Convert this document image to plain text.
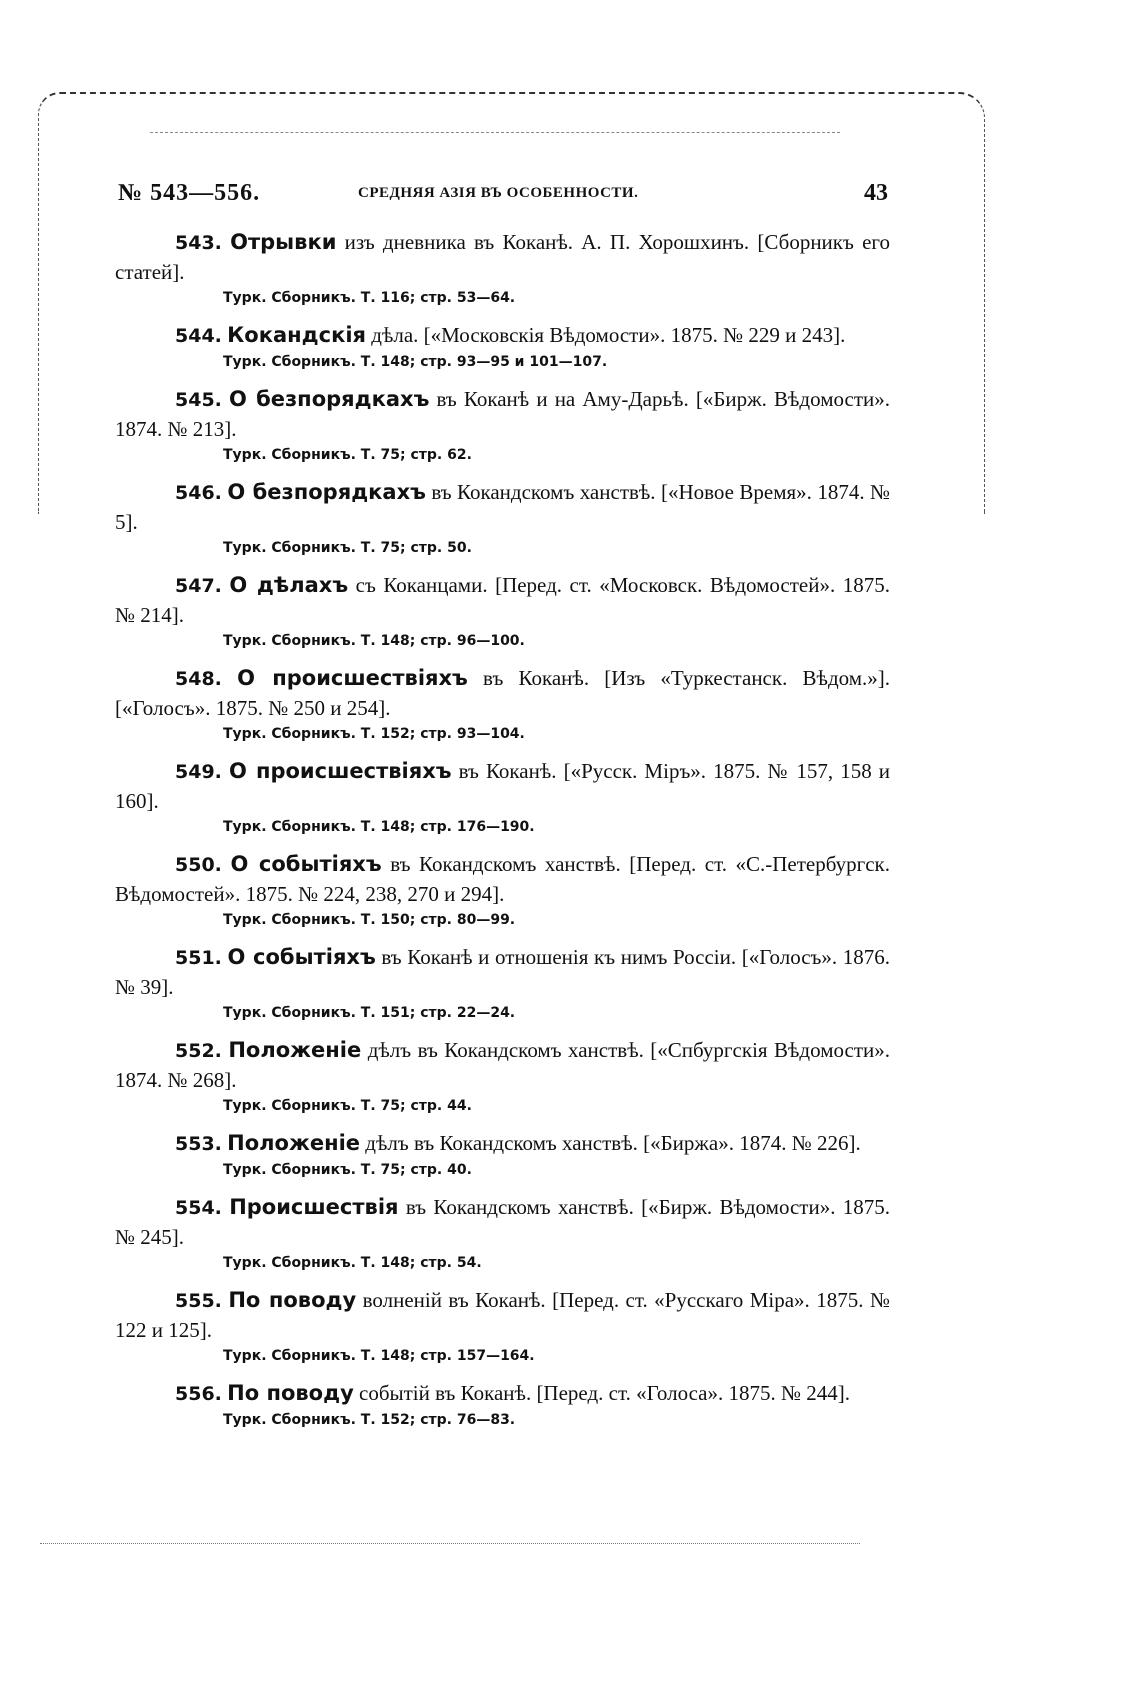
№ 543—556.	СРЕДНЯЯ АЗІЯ ВЪ ОСОБЕННОСТИ.	43
543. Отрывки изъ дневника въ Коканѣ. А. П. Хорошхинъ. [Сборникъ его статей].
Турк. Сборникъ. Т. 116; стр. 53—64.
544. Кокандскія дѣла. [«Московскія Вѣдомости». 1875. № 229 и 243].
Турк. Сборникъ. Т. 148; стр. 93—95 и 101—107.
545. О безпорядкахъ въ Коканѣ и на Аму-Дарьѣ. [«Бирж. Вѣдомости». 1874. № 213].
Турк. Сборникъ. Т. 75; стр. 62.
546. О безпорядкахъ въ Кокандскомъ ханствѣ. [«Новое Время». 1874. № 5].
Турк. Сборникъ. Т. 75; стр. 50.
547. О дѣлахъ съ Коканцами. [Перед. ст. «Московск. Вѣдомостей». 1875. № 214].
Турк. Сборникъ. Т. 148; стр. 96—100.
548. О происшествіяхъ въ Коканѣ. [Изъ «Туркестанск. Вѣдом.»]. [«Голосъ». 1875. № 250 и 254].
Турк. Сборникъ. Т. 152; стр. 93—104.
549. О происшествіяхъ въ Коканѣ. [«Русск. Міръ». 1875. № 157, 158 и 160].
Турк. Сборникъ. Т. 148; стр. 176—190.
550. О событіяхъ въ Кокандскомъ ханствѣ. [Перед. ст. «С.-Петербургск. Вѣдомостей». 1875. № 224, 238, 270 и 294].
Турк. Сборникъ. Т. 150; стр. 80—99.
551. О событіяхъ въ Коканѣ и отношенія къ нимъ Россіи. [«Голосъ». 1876. № 39].
Турк. Сборникъ. Т. 151; стр. 22—24.
552. Положеніе дѣлъ въ Кокандскомъ ханствѣ. [«Спбургскія Вѣдомости». 1874. № 268].
Турк. Сборникъ. Т. 75; стр. 44.
553. Положеніе дѣлъ въ Кокандскомъ ханствѣ. [«Биржа». 1874. № 226].
Турк. Сборникъ. Т. 75; стр. 40.
554. Происшествія въ Кокандскомъ ханствѣ. [«Бирж. Вѣдомости». 1875. № 245].
Турк. Сборникъ. Т. 148; стр. 54.
555. По поводу волненій въ Коканѣ. [Перед. ст. «Русскаго Міра». 1875. № 122 и 125].
Турк. Сборникъ. Т. 148; стр. 157—164.
556. По поводу событій въ Коканѣ. [Перед. ст. «Голоса». 1875. № 244].
Турк. Сборникъ. Т. 152; стр. 76—83.
